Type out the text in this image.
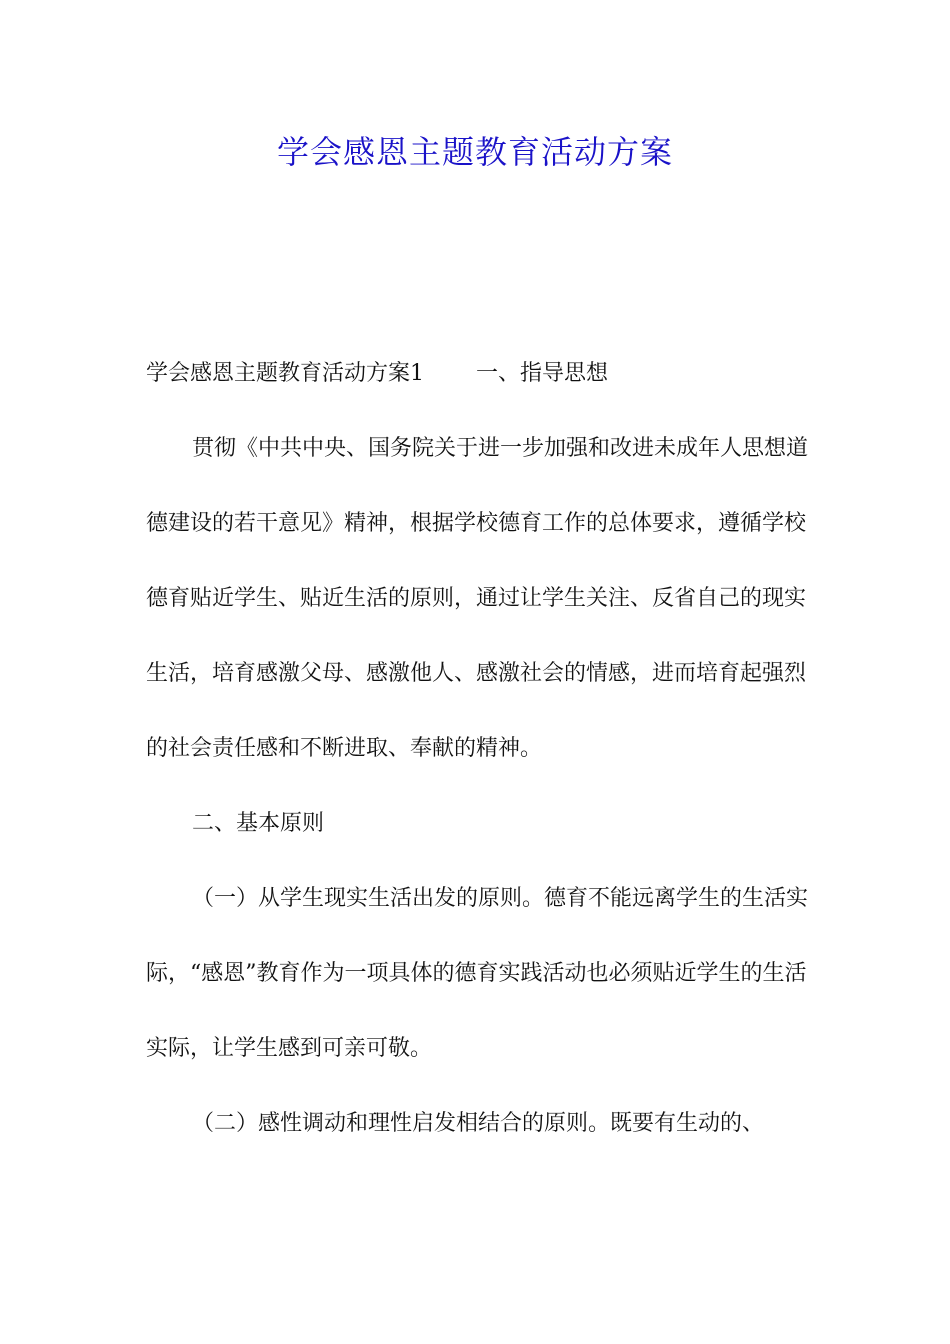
学会感恩主题教育活动方案

学会感恩主题教育活动方案1 一、指导思想

贯彻《中共中央、国务院关于进一步加强和改进未成年人思想道德建设的若干意见》精神，根据学校德育工作的总体要求，遵循学校德育贴近学生、贴近生活的原则，通过让学生关注、反省自己的现实生活，培育感激父母、感激他人、感激社会的情感，进而培育起强烈的社会责任感和不断进取、奉献的精神。

二、基本原则

（一）从学生现实生活出发的原则。德育不能远离学生的生活实际，“感恩”教育作为一项具体的德育实践活动也必须贴近学生的生活实际，让学生感到可亲可敬。

（二）感性调动和理性启发相结合的原则。既要有生动的、
